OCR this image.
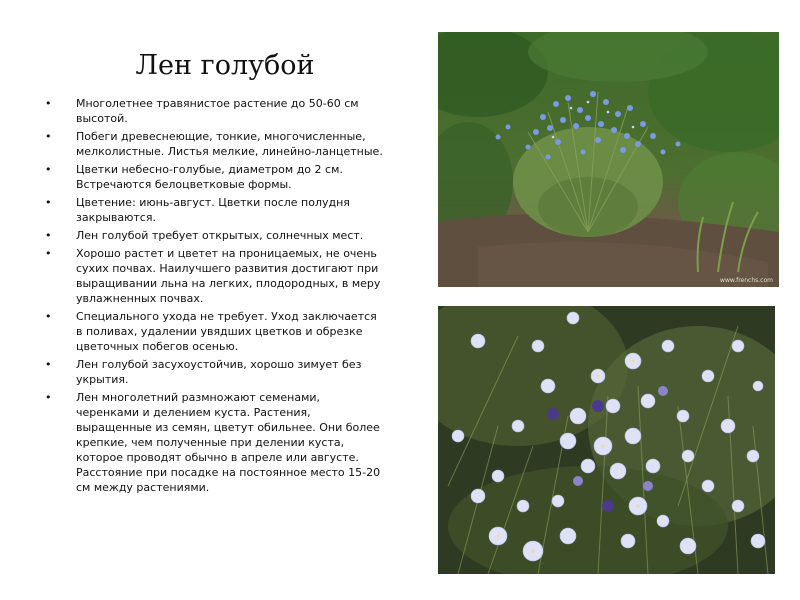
Лен голубой
•	Многолетнее травянистое растение до 50-60 см высотой.
•	Побеги древеснеющие, тонкие, многочисленные, мелколистные. Листья мелкие, линейно-ланцетные.
•	Цветки небесно-голубые, диаметром до 2 см. Встречаются белоцветковые формы.
•	Цветение: июнь-август. Цветки после полудня закрываются.
•	Лен голубой требует открытых, солнечных мест.
•	Хорошо растет и цветет на проницаемых, не очень сухих почвах. Наилучшего развития достигают при выращивании льна на легких, плодородных, в меру увлажненных почвах.
•	Специального ухода не требует. Уход заключается в поливах, удалении увядших цветков и обрезке цветочных побегов осенью.
•	Лен голубой засухоустойчив, хорошо зимует без укрытия.
•	Лен многолетний размножают семенами, черенками и делением куста. Растения, выращенные из семян, цветут обильнее. Они более крепкие, чем полученные при делении куста, которое проводят обычно в апреле или августе. Расстояние при посадке на постоянное место 15-20 см между растениями.
www.frenchs.com
